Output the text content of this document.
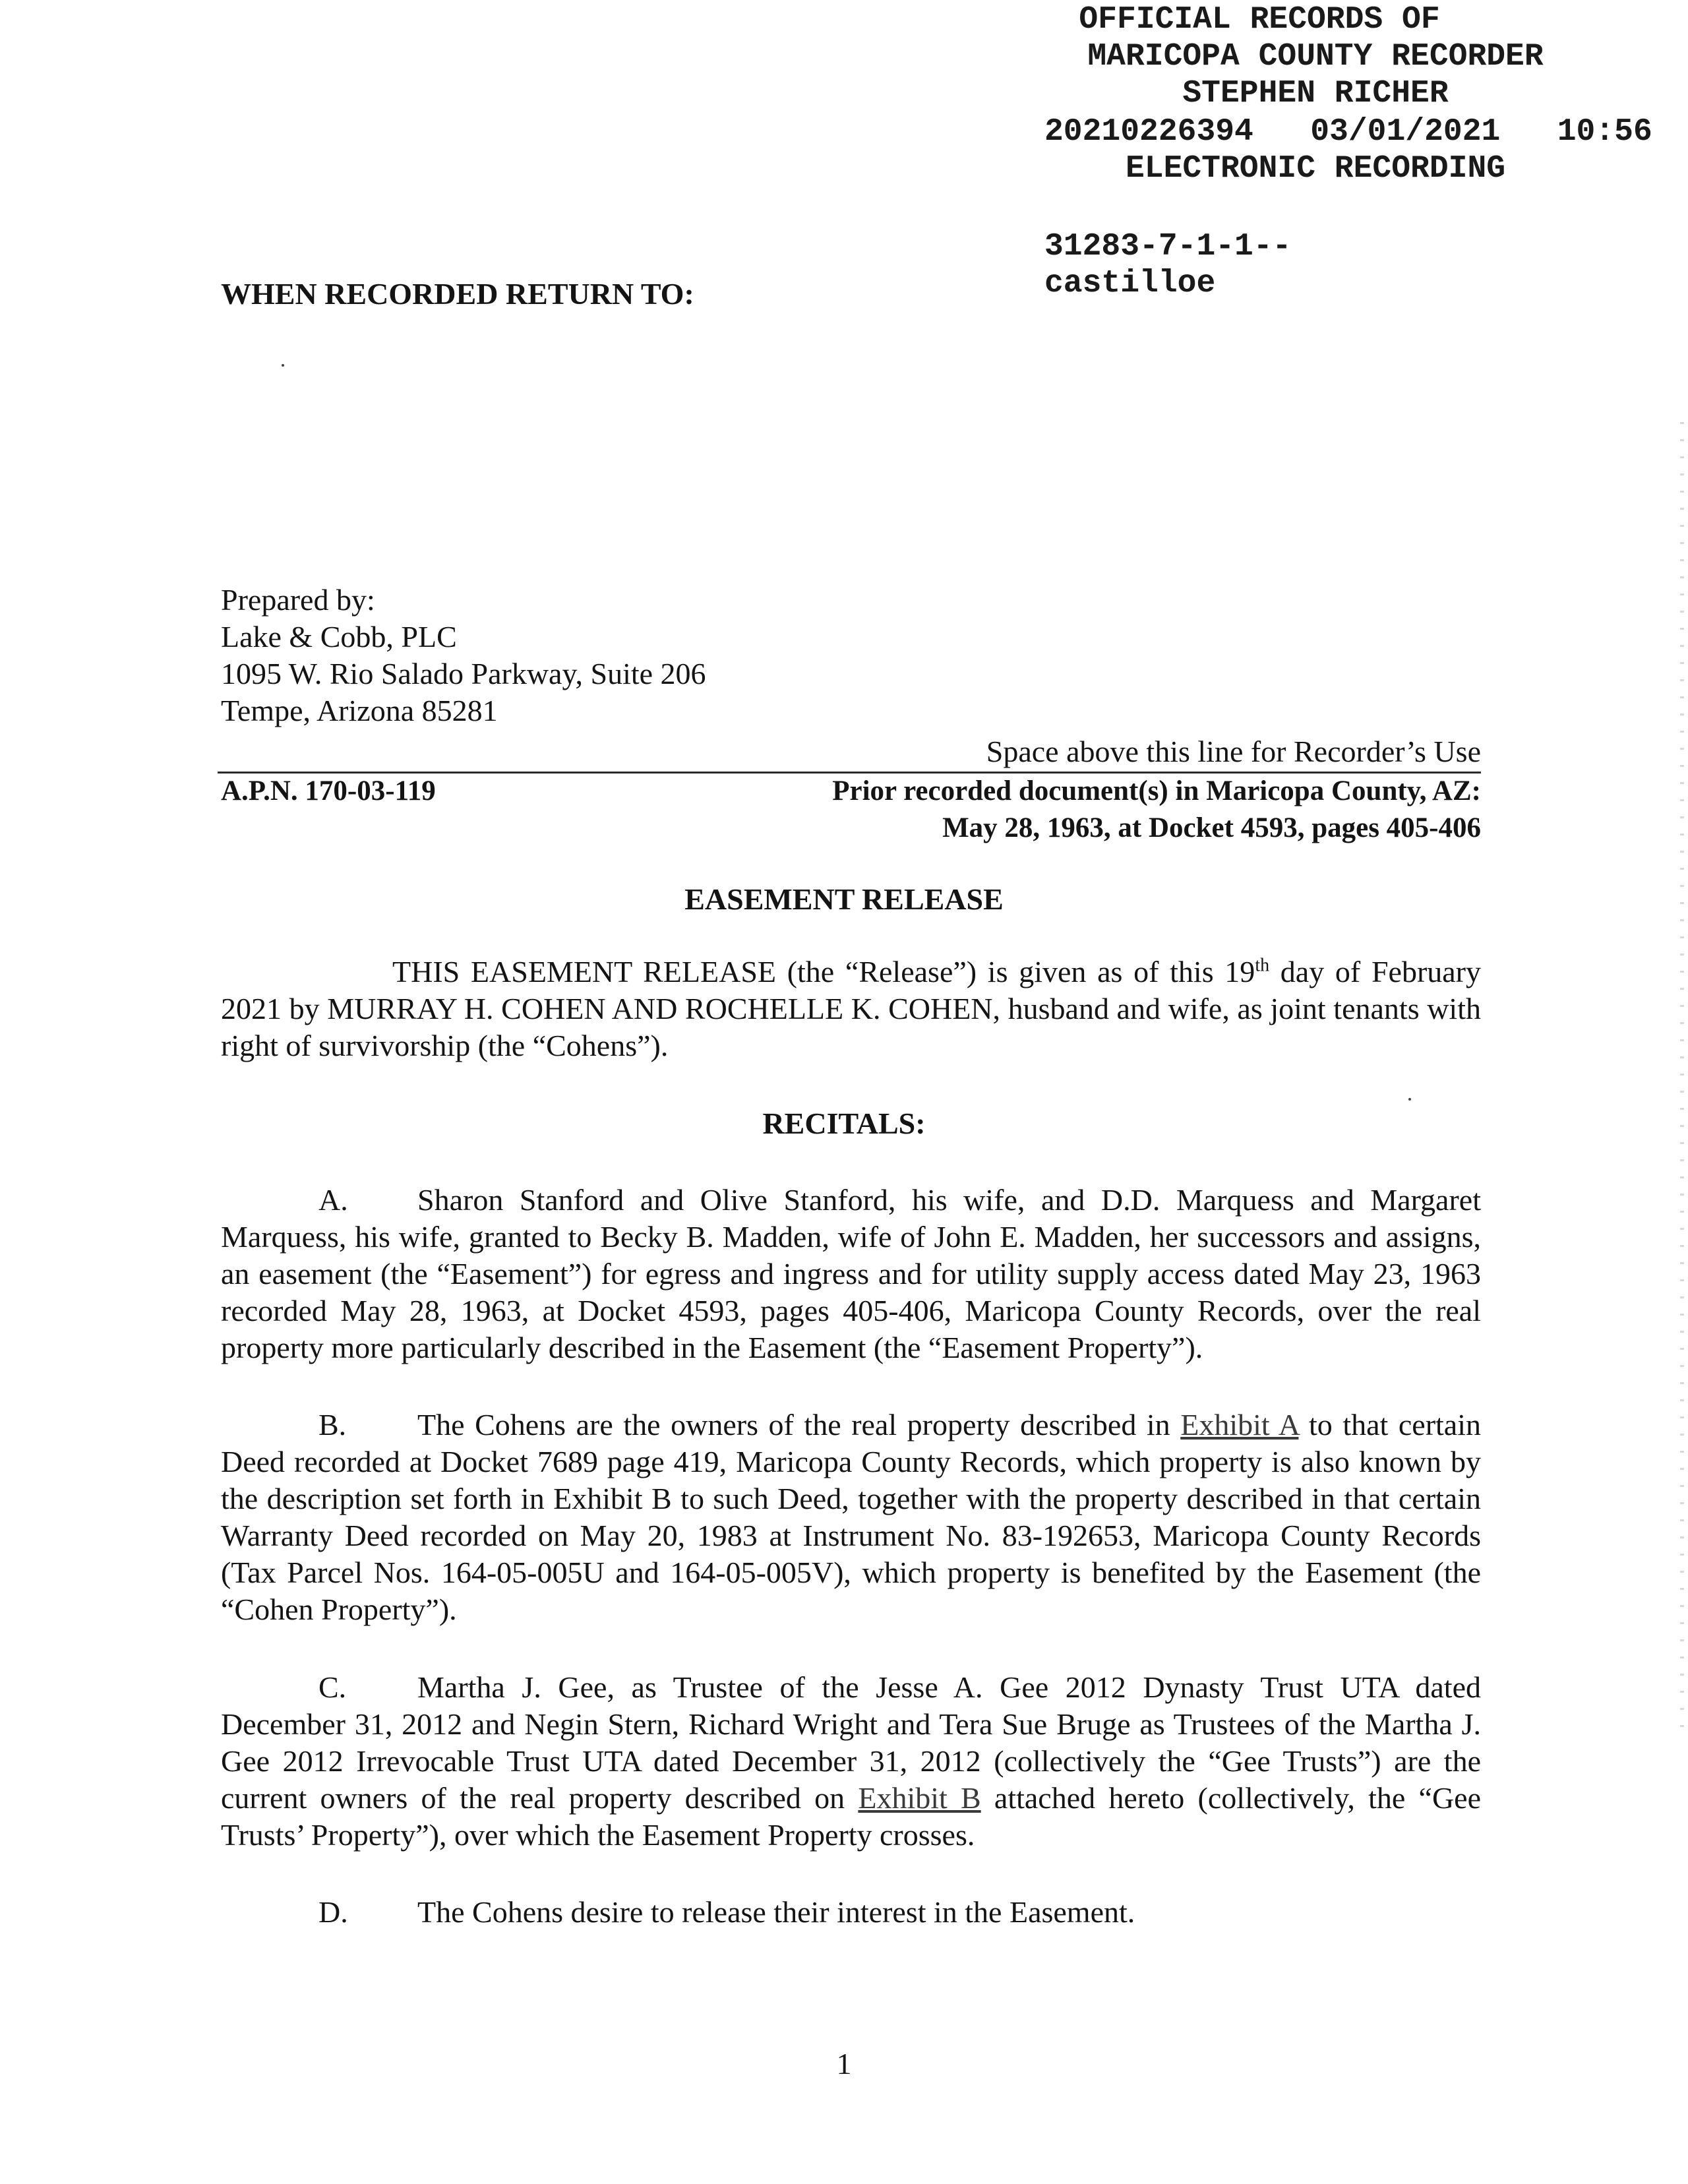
OFFICIAL RECORDS OF

MARICOPA COUNTY RECORDER

STEPHEN RICHER

20210226394   03/01/2021   10:56

ELECTRONIC RECORDING

31283-7-1-1--

castilloe

WHEN RECORDED RETURN TO:
Prepared by:
Lake & Cobb, PLC
1095 W. Rio Salado Parkway, Suite 206
Tempe, Arizona 85281
Space above this line for Recorder’s Use
A.P.N. 170-03-119	Prior recorded document(s) in Maricopa County, AZ:
May 28, 1963, at Docket 4593, pages 405-406
EASEMENT RELEASE
THIS EASEMENT RELEASE (the “Release”) is given as of this 19th day of February 2021 by MURRAY H. COHEN AND ROCHELLE K. COHEN, husband and wife, as joint tenants with right of survivorship (the “Cohens”).
RECITALS:
A. Sharon Stanford and Olive Stanford, his wife, and D.D. Marquess and Margaret Marquess, his wife, granted to Becky B. Madden, wife of John E. Madden, her successors and assigns, an easement (the “Easement”) for egress and ingress and for utility supply access dated May 23, 1963 recorded May 28, 1963, at Docket 4593, pages 405-406, Maricopa County Records, over the real property more particularly described in the Easement (the “Easement Property”).
B. The Cohens are the owners of the real property described in Exhibit A to that certain Deed recorded at Docket 7689 page 419, Maricopa County Records, which property is also known by the description set forth in Exhibit B to such Deed, together with the property described in that certain Warranty Deed recorded on May 20, 1983 at Instrument No. 83-192653, Maricopa County Records (Tax Parcel Nos. 164-05-005U and 164-05-005V), which property is benefited by the Easement (the “Cohen Property”).
C. Martha J. Gee, as Trustee of the Jesse A. Gee 2012 Dynasty Trust UTA dated December 31, 2012 and Negin Stern, Richard Wright and Tera Sue Bruge as Trustees of the Martha J. Gee 2012 Irrevocable Trust UTA dated December 31, 2012 (collectively the “Gee Trusts”) are the current owners of the real property described on Exhibit B attached hereto (collectively, the “Gee Trusts’ Property”), over which the Easement Property crosses.
D. The Cohens desire to release their interest in the Easement.
1
